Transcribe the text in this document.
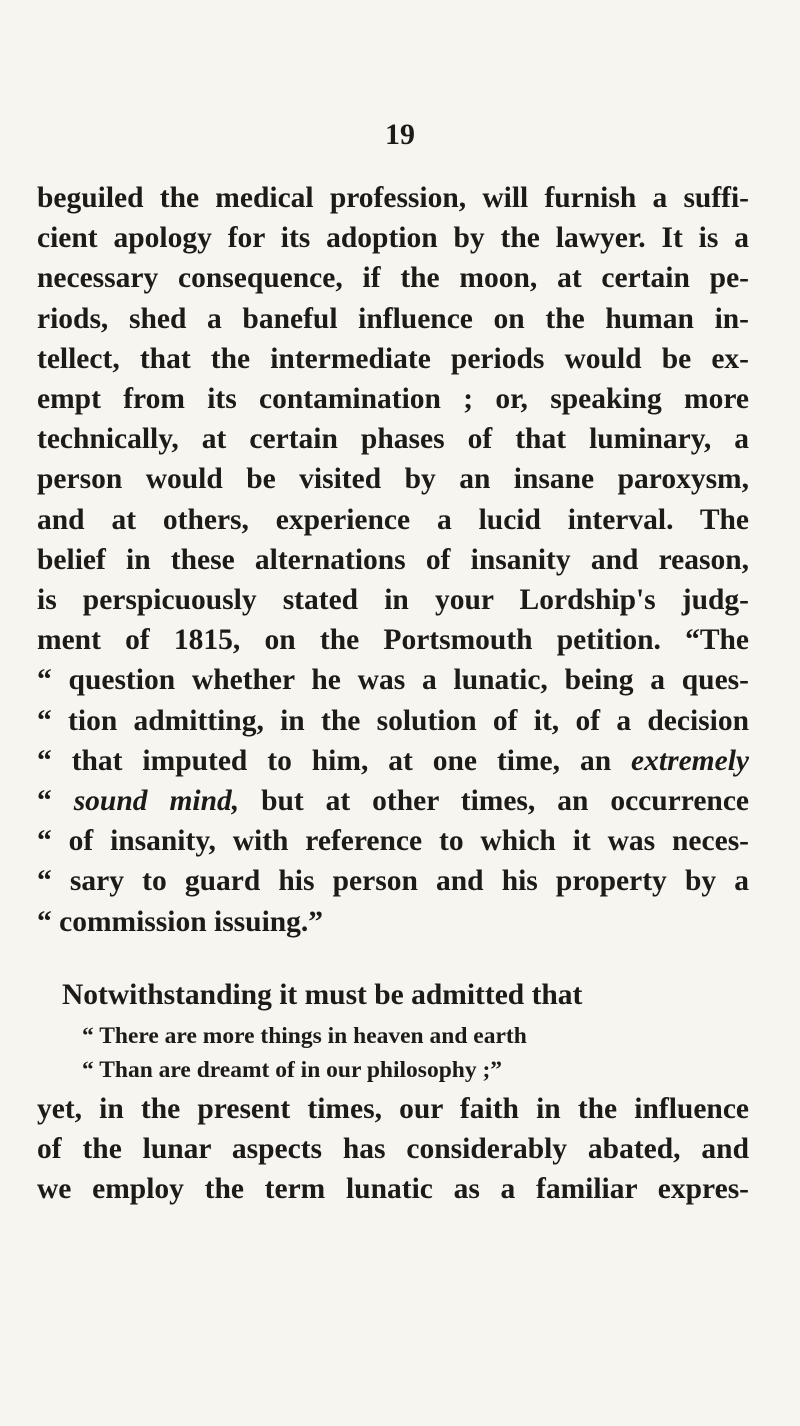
19
beguiled the medical profession, will furnish a suffi-
cient apology for its adoption by the lawyer. It is a
necessary consequence, if the moon, at certain pe-
riods, shed a baneful influence on the human in-
tellect, that the intermediate periods would be ex-
empt from its contamination ; or, speaking more
technically, at certain phases of that luminary, a
person would be visited by an insane paroxysm,
and at others, experience a lucid interval. The
belief in these alternations of insanity and reason,
is perspicuously stated in your Lordship's judg-
ment of 1815, on the Portsmouth petition. “The
“ question whether he was a lunatic, being a ques-
“ tion admitting, in the solution of it, of a decision
“ that imputed to him, at one time, an extremely
“ sound mind, but at other times, an occurrence
“ of insanity, with reference to which it was neces-
“ sary to guard his person and his property by a
“ commission issuing.”
Notwithstanding it must be admitted that
“ There are more things in heaven and earth
“ Than are dreamt of in our philosophy ;”
yet, in the present times, our faith in the influence
of the lunar aspects has considerably abated, and
we employ the term lunatic as a familiar expres-
